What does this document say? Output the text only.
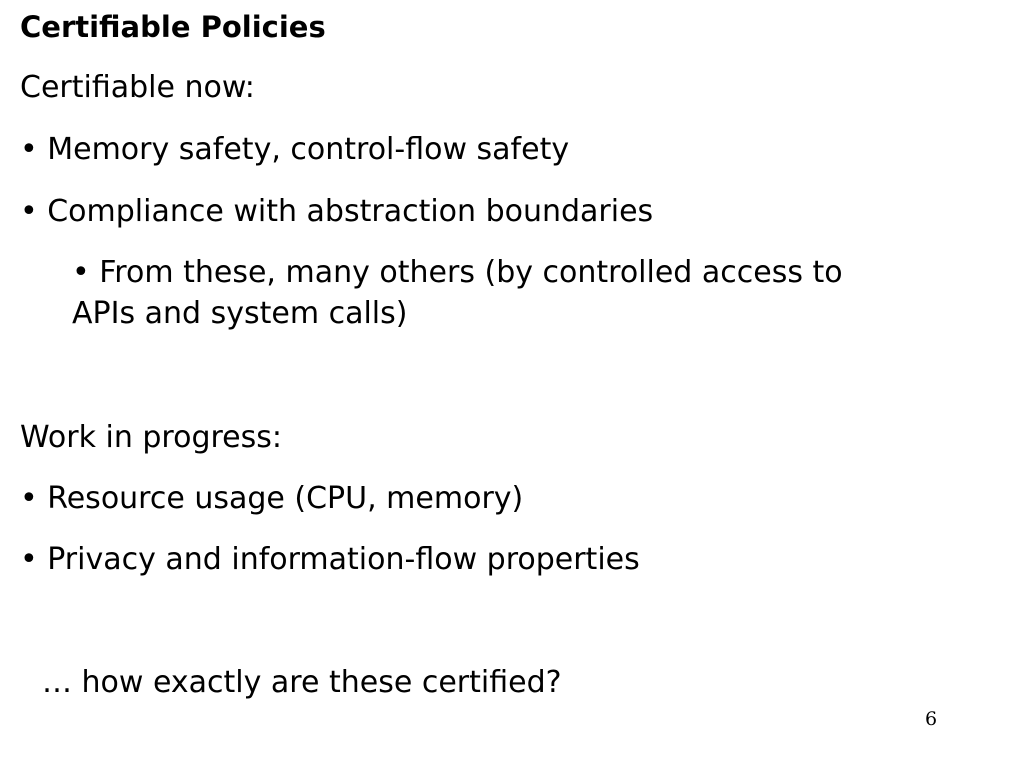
Certifiable Policies
Certifiable now:
• Memory safety, control-flow safety
• Compliance with abstraction boundaries
• From these, many others (by controlled access to
APIs and system calls)
Work in progress:
• Resource usage (CPU, memory)
• Privacy and information-flow properties
… how exactly are these certified?
6
